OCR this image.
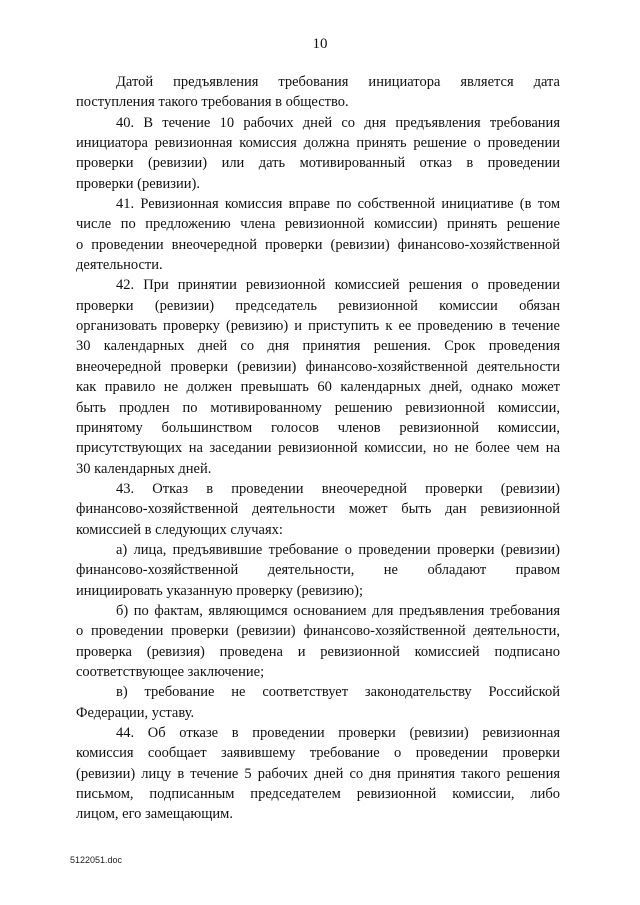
10

Датой предъявления требования инициатора является дата

поступления такого требования в общество.

40. В течение 10 рабочих дней со дня предъявления требования

инициатора ревизионная комиссия должна принять решение о проведении

проверки (ревизии) или дать мотивированный отказ в проведении

проверки (ревизии).

41. Ревизионная комиссия вправе по собственной инициативе (в том

числе по предложению члена ревизионной комиссии) принять решение

о проведении внеочередной проверки (ревизии) финансово-хозяйственной

деятельности.

42. При принятии ревизионной комиссией решения о проведении

проверки (ревизии) председатель ревизионной комиссии обязан

организовать проверку (ревизию) и приступить к ее проведению в течение

30 календарных дней со дня принятия решения. Срок проведения

внеочередной проверки (ревизии) финансово-хозяйственной деятельности

как правило не должен превышать 60 календарных дней, однако может

быть продлен по мотивированному решению ревизионной комиссии,

принятому большинством голосов членов ревизионной комиссии,

присутствующих на заседании ревизионной комиссии, но не более чем на

30 календарных дней.

43. Отказ в проведении внеочередной проверки (ревизии)

финансово-хозяйственной деятельности может быть дан ревизионной

комиссией в следующих случаях:

а) лица, предъявившие требование о проведении проверки (ревизии)

финансово-хозяйственной деятельности, не обладают правом

инициировать указанную проверку (ревизию);

б) по фактам, являющимся основанием для предъявления требования

о проведении проверки (ревизии) финансово-хозяйственной деятельности,

проверка (ревизия) проведена и ревизионной комиссией подписано

соответствующее заключение;

в) требование не соответствует законодательству Российской

Федерации, уставу.

44. Об отказе в проведении проверки (ревизии) ревизионная

комиссия сообщает заявившему требование о проведении проверки

(ревизии) лицу в течение 5 рабочих дней со дня принятия такого решения

письмом, подписанным председателем ревизионной комиссии, либо

лицом, его замещающим.

5122051.doc
